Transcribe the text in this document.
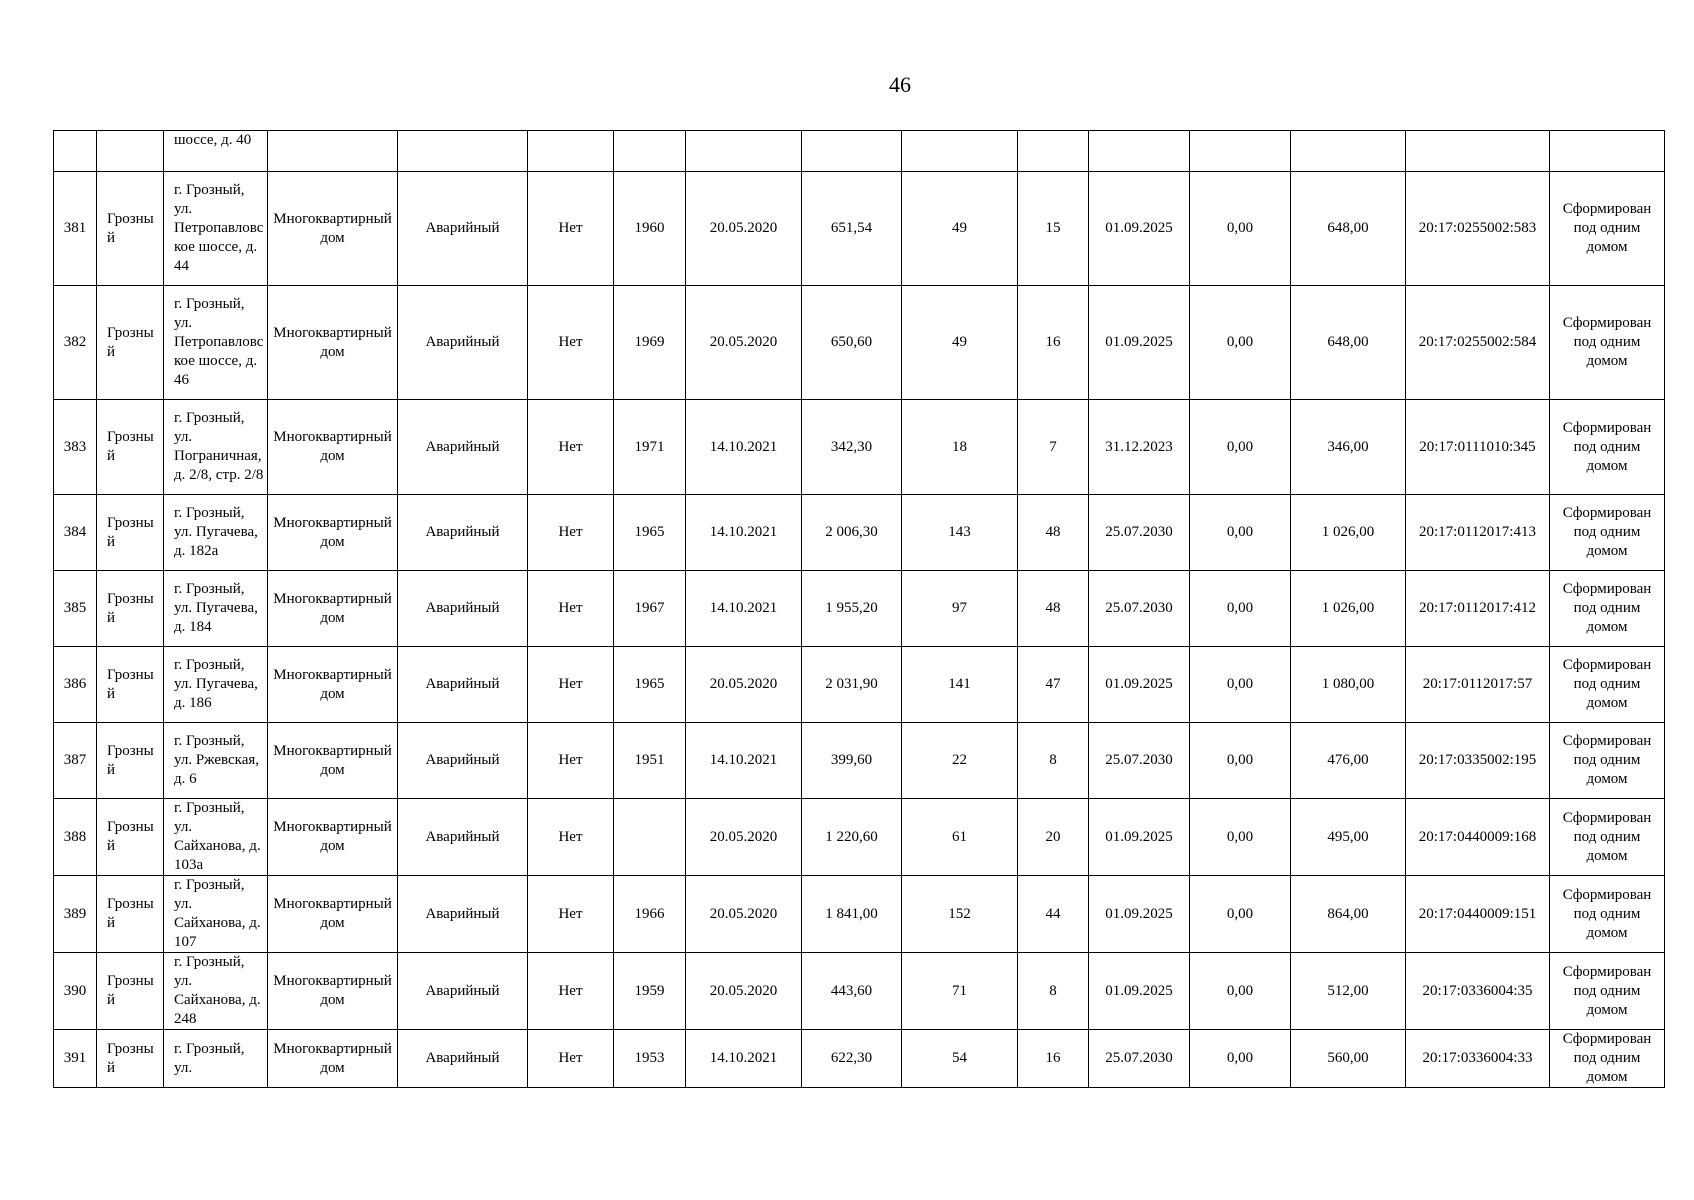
46
		шоссе, д. 40													
381	Грозный	г. Грозный, ул. Петропавловское шоссе, д. 44	Многоквартирный дом	Аварийный	Нет	1960	20.05.2020	651,54	49	15	01.09.2025	0,00	648,00	20:17:0255002:583	Сформирован под одним домом
382	Грозный	г. Грозный, ул. Петропавловское шоссе, д. 46	Многоквартирный дом	Аварийный	Нет	1969	20.05.2020	650,60	49	16	01.09.2025	0,00	648,00	20:17:0255002:584	Сформирован под одним домом
383	Грозный	г. Грозный, ул. Пограничная, д. 2/8, стр. 2/8	Многоквартирный дом	Аварийный	Нет	1971	14.10.2021	342,30	18	7	31.12.2023	0,00	346,00	20:17:0111010:345	Сформирован под одним домом
384	Грозный	г. Грозный, ул. Пугачева, д. 182а	Многоквартирный дом	Аварийный	Нет	1965	14.10.2021	2 006,30	143	48	25.07.2030	0,00	1 026,00	20:17:0112017:413	Сформирован под одним домом
385	Грозный	г. Грозный, ул. Пугачева, д. 184	Многоквартирный дом	Аварийный	Нет	1967	14.10.2021	1 955,20	97	48	25.07.2030	0,00	1 026,00	20:17:0112017:412	Сформирован под одним домом
386	Грозный	г. Грозный, ул. Пугачева, д. 186	Многоквартирный дом	Аварийный	Нет	1965	20.05.2020	2 031,90	141	47	01.09.2025	0,00	1 080,00	20:17:0112017:57	Сформирован под одним домом
387	Грозный	г. Грозный, ул. Ржевская, д. 6	Многоквартирный дом	Аварийный	Нет	1951	14.10.2021	399,60	22	8	25.07.2030	0,00	476,00	20:17:0335002:195	Сформирован под одним домом
388	Грозный	г. Грозный, ул. Сайханова, д. 103а	Многоквартирный дом	Аварийный	Нет		20.05.2020	1 220,60	61	20	01.09.2025	0,00	495,00	20:17:0440009:168	Сформирован под одним домом
389	Грозный	г. Грозный, ул. Сайханова, д. 107	Многоквартирный дом	Аварийный	Нет	1966	20.05.2020	1 841,00	152	44	01.09.2025	0,00	864,00	20:17:0440009:151	Сформирован под одним домом
390	Грозный	г. Грозный, ул. Сайханова, д. 248	Многоквартирный дом	Аварийный	Нет	1959	20.05.2020	443,60	71	8	01.09.2025	0,00	512,00	20:17:0336004:35	Сформирован под одним домом
391	Грозный	г. Грозный, ул.	Многоквартирный дом	Аварийный	Нет	1953	14.10.2021	622,30	54	16	25.07.2030	0,00	560,00	20:17:0336004:33	Сформирован под одним домом
